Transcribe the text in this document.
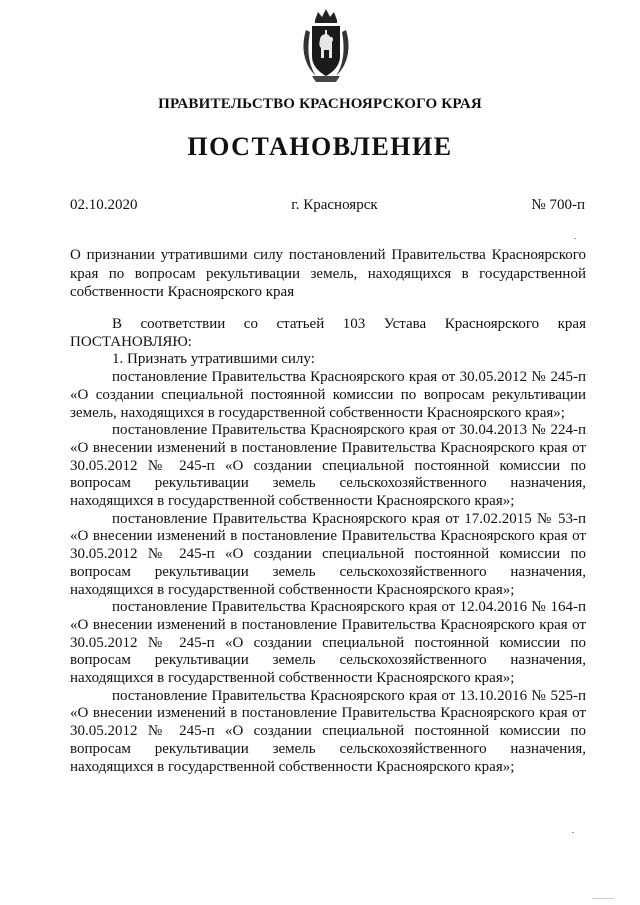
ПРАВИТЕЛЬСТВО КРАСНОЯРСКОГО КРАЯ
ПОСТАНОВЛЕНИЕ
02.10.2020	г. Красноярск	№ 700-п
О признании утратившими силу постановлений Правительства Красноярского края по вопросам рекультивации земель, находящихся в государственной собственности Красноярского края

В соответствии со статьей 103 Устава Красноярского края ПОСТАНОВЛЯЮ:

1. Признать утратившими силу:

постановление Правительства Красноярского края от 30.05.2012 № 245-п «О создании специальной постоянной комиссии по вопросам рекультивации земель, находящихся в государственной собственности Красноярского края»;

постановление Правительства Красноярского края от 30.04.2013 № 224-п «О внесении изменений в постановление Правительства Красноярского края от 30.05.2012 № 245-п «О создании специальной постоянной комиссии по вопросам рекультивации земель сельскохозяйственного назначения, находящихся в государственной собственности Красноярского края»;

постановление Правительства Красноярского края от 17.02.2015 № 53-п «О внесении изменений в постановление Правительства Красноярского края от 30.05.2012 № 245-п «О создании специальной постоянной комиссии по вопросам рекультивации земель сельскохозяйственного назначения, находящихся в государственной собственности Красноярского края»;

постановление Правительства Красноярского края от 12.04.2016 № 164-п «О внесении изменений в постановление Правительства Красноярского края от 30.05.2012 № 245-п «О создании специальной постоянной комиссии по вопросам рекультивации земель сельскохозяйственного назначения, находящихся в государственной собственности Красноярского края»;

постановление Правительства Красноярского края от 13.10.2016 № 525-п «О внесении изменений в постановление Правительства Красноярского края от 30.05.2012 № 245-п «О создании специальной постоянной комиссии по вопросам рекультивации земель сельскохозяйственного назначения, находящихся в государственной собственности Красноярского края»;
